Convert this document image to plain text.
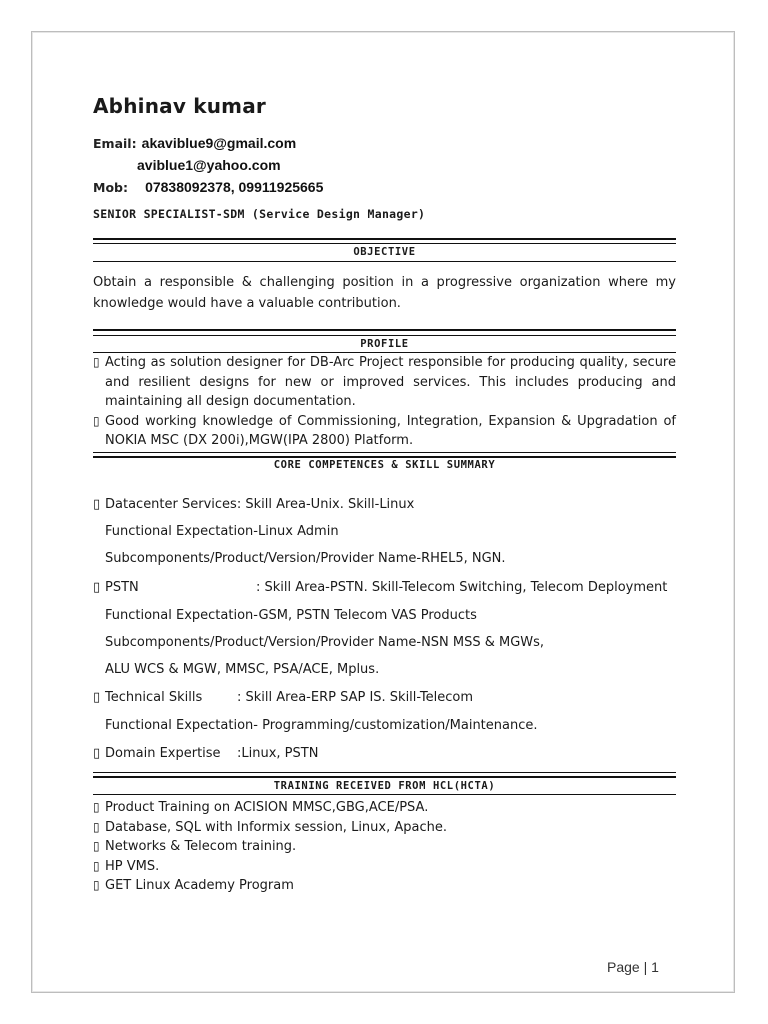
Abhinav kumar
Email: akaviblue9@gmail.com
aviblue1@yahoo.com
Mob: 07838092378, 09911925665
SENIOR SPECIALIST-SDM (Service Design Manager)
OBJECTIVE
Obtain a responsible & challenging position in a progressive organization where my knowledge would have a valuable contribution.
PROFILE
▯ Acting as solution designer for DB-Arc Project responsible for producing quality, secure and resilient designs for new or improved services. This includes producing and maintaining all design documentation.
▯ Good working knowledge of Commissioning, Integration, Expansion & Upgradation of NOKIA MSC (DX 200i),MGW(IPA 2800) Platform.
CORE COMPETENCES & SKILL SUMMARY
▯ Datacenter Services: Skill Area-Unix. Skill-Linux
Functional Expectation-Linux Admin
Subcomponents/Product/Version/Provider Name-RHEL5, NGN.
▯ PSTN	: Skill Area-PSTN. Skill-Telecom Switching, Telecom Deployment
Functional Expectation-GSM, PSTN Telecom VAS Products
Subcomponents/Product/Version/Provider Name-NSN MSS & MGWs,
ALU WCS & MGW, MMSC, PSA/ACE, Mplus.
▯ Technical Skills	: Skill Area-ERP SAP IS. Skill-Telecom
Functional Expectation- Programming/customization/Maintenance.
▯ Domain Expertise :Linux, PSTN
TRAINING RECEIVED FROM HCL(HCTA)
▯ Product Training on ACISION MMSC,GBG,ACE/PSA.
▯ Database, SQL with Informix session, Linux, Apache.
▯ Networks & Telecom training.
▯ HP VMS.
▯ GET Linux Academy Program
Page | 1
